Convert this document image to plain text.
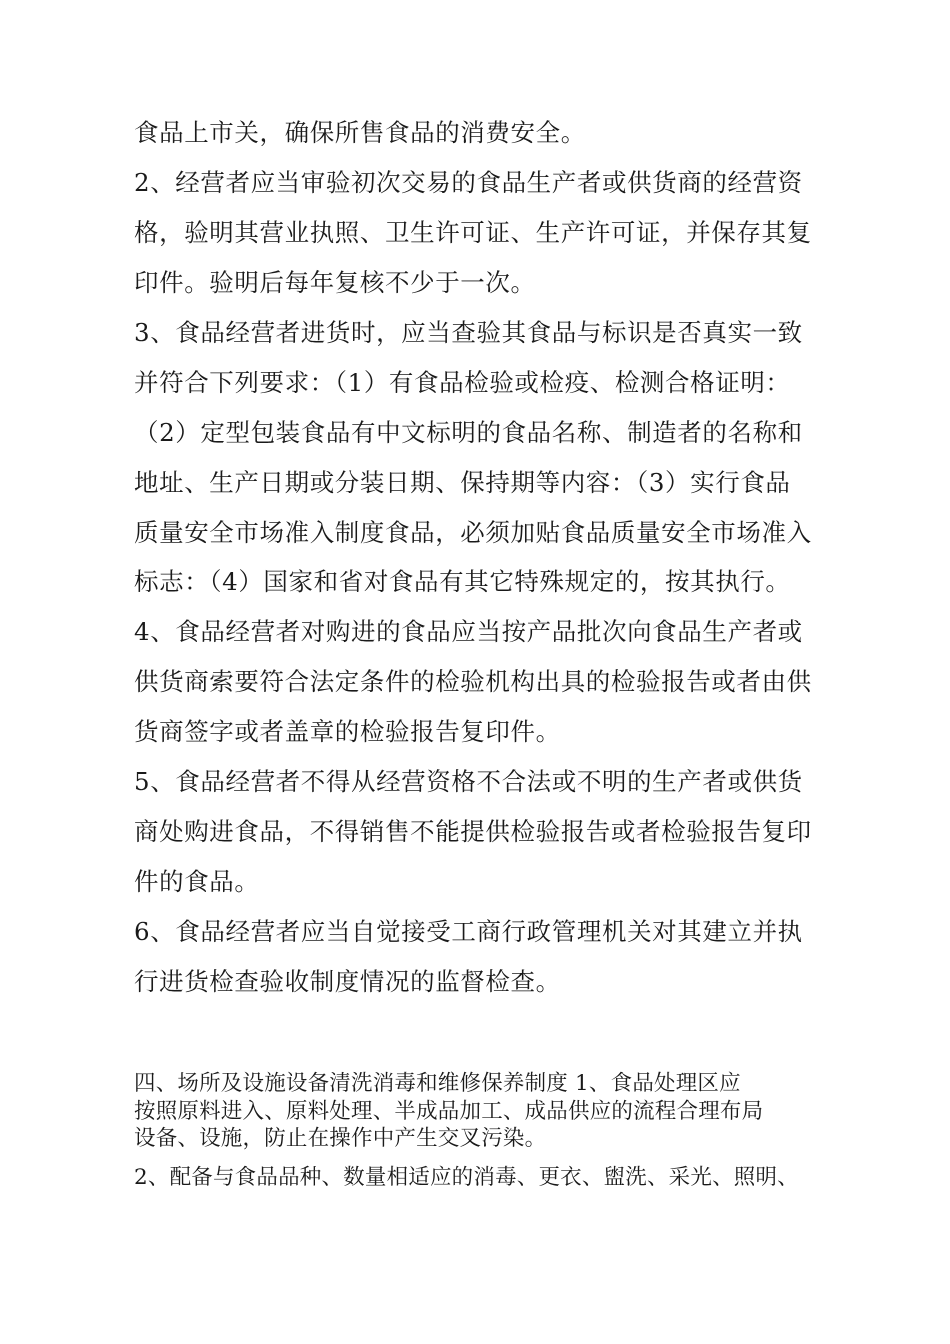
食品上市关，确保所售食品的消费安全。

2、经营者应当审验初次交易的食品生产者或供货商的经营资

格，验明其营业执照、卫生许可证、生产许可证，并保存其复

印件。验明后每年复核不少于一次。

3、食品经营者进货时，应当查验其食品与标识是否真实一致

并符合下列要求：（1）有食品检验或检疫、检测合格证明：

（2）定型包装食品有中文标明的食品名称、制造者的名称和

地址、生产日期或分装日期、保持期等内容：（3）实行食品

质量安全市场准入制度食品，必须加贴食品质量安全市场准入

标志：（4）国家和省对食品有其它特殊规定的，按其执行。

4、食品经营者对购进的食品应当按产品批次向食品生产者或

供货商索要符合法定条件的检验机构出具的检验报告或者由供

货商签字或者盖章的检验报告复印件。

5、食品经营者不得从经营资格不合法或不明的生产者或供货

商处购进食品，不得销售不能提供检验报告或者检验报告复印

件的食品。

6、食品经营者应当自觉接受工商行政管理机关对其建立并执

行进货检查验收制度情况的监督检查。

四、场所及设施设备清洗消毒和维修保养制度 1、食品处理区应

按照原料进入、原料处理、半成品加工、成品供应的流程合理布局

设备、设施，防止在操作中产生交叉污染。

2、配备与食品品种、数量相适应的消毒、更衣、盥洗、采光、照明、
